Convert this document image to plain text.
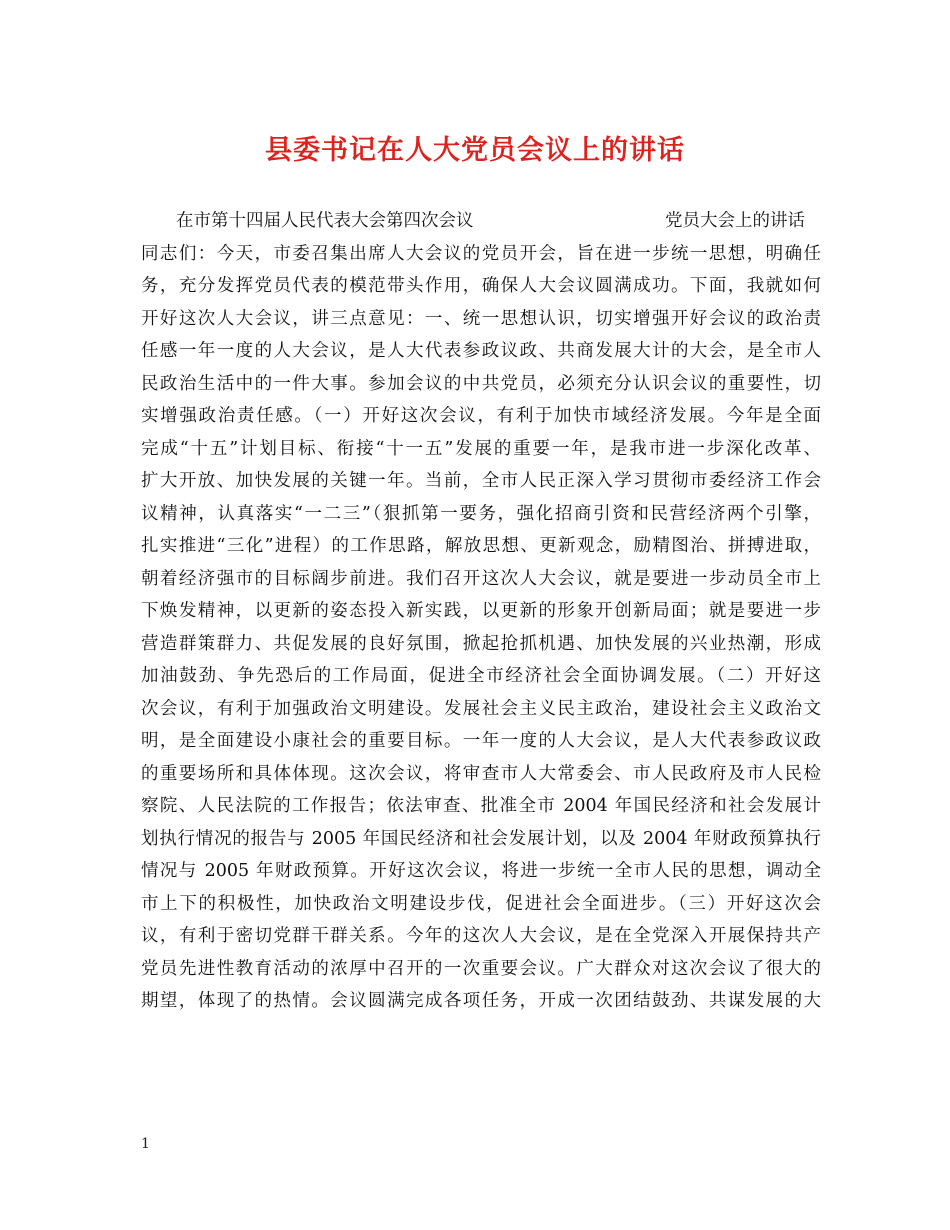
县委书记在人大党员会议上的讲话
在市第十四届人民代表大会第四次会议	党员大会上的讲话
同志们：今天，市委召集出席人大会议的党员开会，旨在进一步统一思想，明确任
务，充分发挥党员代表的模范带头作用，确保人大会议圆满成功。下面，我就如何
开好这次人大会议，讲三点意见：一、统一思想认识，切实增强开好会议的政治责
任感一年一度的人大会议，是人大代表参政议政、共商发展大计的大会，是全市人
民政治生活中的一件大事。参加会议的中共党员，必须充分认识会议的重要性，切
实增强政治责任感。（一）开好这次会议，有利于加快市域经济发展。今年是全面
完成“十五”计划目标、衔接“十一五”发展的重要一年，是我市进一步深化改革、
扩大开放、加快发展的关键一年。当前，全市人民正深入学习贯彻市委经济工作会
议精神，认真落实“一二三”（狠抓第一要务，强化招商引资和民营经济两个引擎，
扎实推进“三化”进程）的工作思路，解放思想、更新观念，励精图治、拼搏进取，
朝着经济强市的目标阔步前进。我们召开这次人大会议，就是要进一步动员全市上
下焕发精神，以更新的姿态投入新实践，以更新的形象开创新局面；就是要进一步
营造群策群力、共促发展的良好氛围，掀起抢抓机遇、加快发展的兴业热潮，形成
加油鼓劲、争先恐后的工作局面，促进全市经济社会全面协调发展。（二）开好这
次会议，有利于加强政治文明建设。发展社会主义民主政治，建设社会主义政治文
明，是全面建设小康社会的重要目标。一年一度的人大会议，是人大代表参政议政
的重要场所和具体体现。这次会议，将审查市人大常委会、市人民政府及市人民检
察院、人民法院的工作报告；依法审查、批准全市 2004 年国民经济和社会发展计
划执行情况的报告与 2005 年国民经济和社会发展计划，以及 2004 年财政预算执行
情况与 2005 年财政预算。开好这次会议，将进一步统一全市人民的思想，调动全
市上下的积极性，加快政治文明建设步伐，促进社会全面进步。（三）开好这次会
议，有利于密切党群干群关系。今年的这次人大会议，是在全党深入开展保持共产
党员先进性教育活动的浓厚中召开的一次重要会议。广大群众对这次会议了很大的
期望，体现了的热情。会议圆满完成各项任务，开成一次团结鼓劲、共谋发展的大
1
